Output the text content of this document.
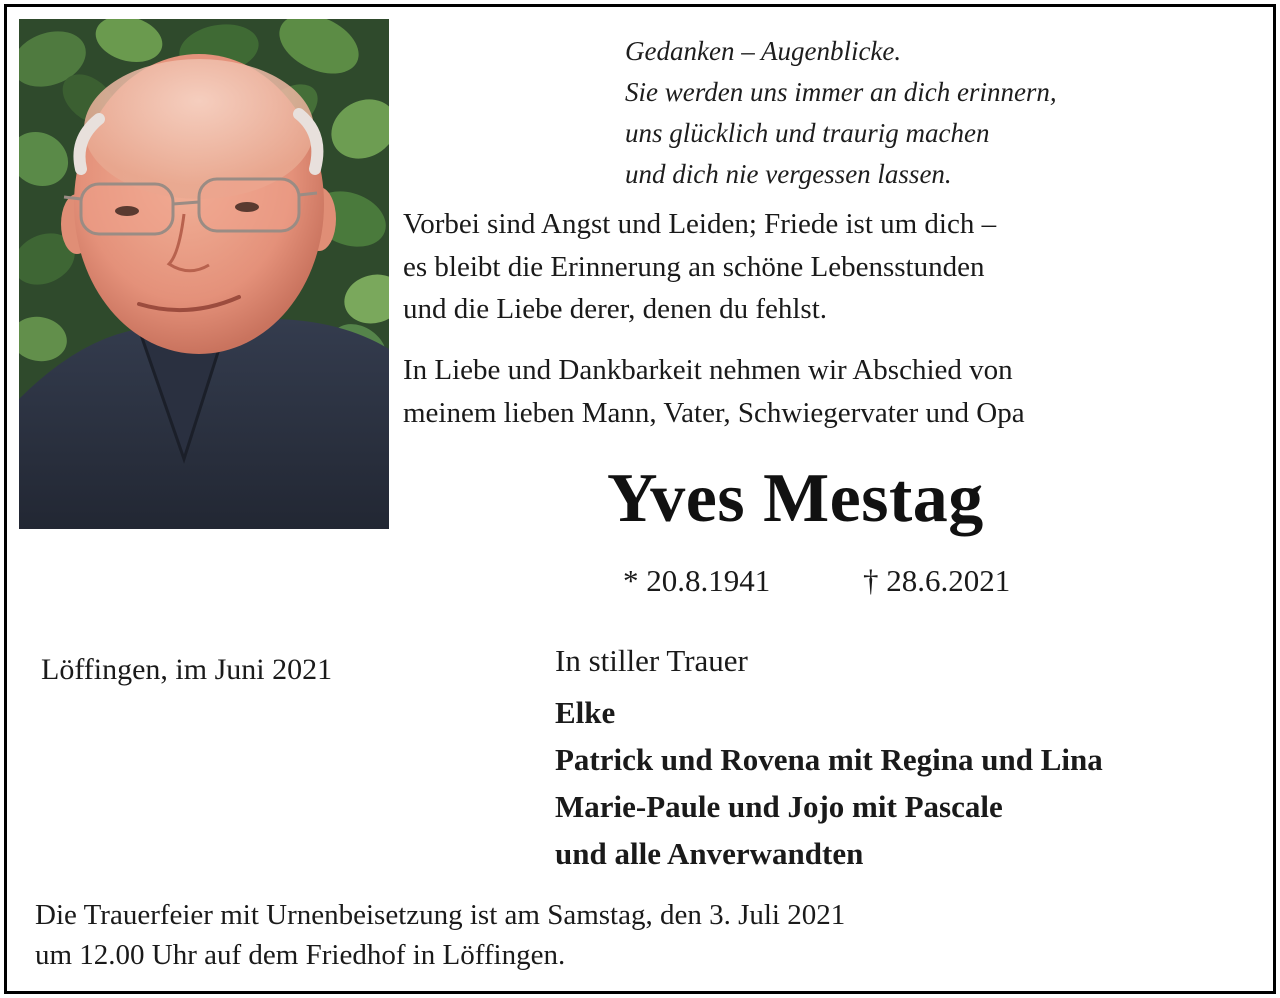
Gedanken – Augenblicke.
Sie werden uns immer an dich erinnern,
uns glücklich und traurig machen
und dich nie vergessen lassen.
Vorbei sind Angst und Leiden; Friede ist um dich –
es bleibt die Erinnerung an schöne Lebensstunden
und die Liebe derer, denen du fehlst.
In Liebe und Dankbarkeit nehmen wir Abschied von
meinem lieben Mann, Vater, Schwiegervater und Opa
Yves Mestag
* 20.8.1941	† 28.6.2021
Löffingen, im Juni 2021	In stiller Trauer
Elke
Patrick und Rovena mit Regina und Lina
Marie-Paule und Jojo mit Pascale
und alle Anverwandten
Die Trauerfeier mit Urnenbeisetzung ist am Samstag, den 3. Juli 2021
um 12.00 Uhr auf dem Friedhof in Löffingen.
